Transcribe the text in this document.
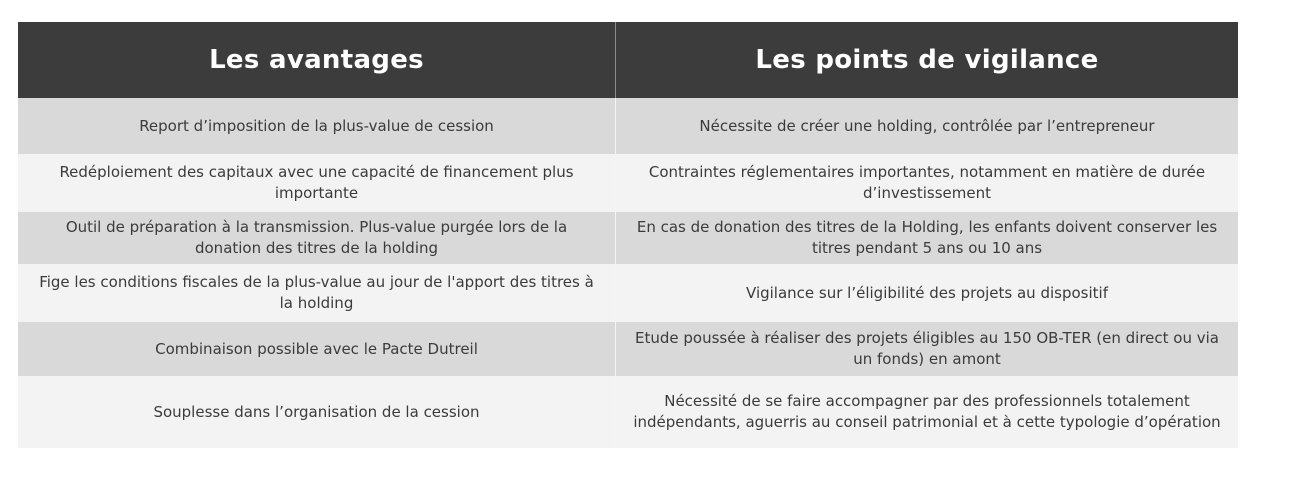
Les avantages	Les points de vigilance
Report d’imposition de la plus-value de cession	Nécessite de créer une holding, contrôlée par l’entrepreneur
Redéploiement des capitaux avec une capacité de financement plus importante
Contraintes réglementaires importantes, notamment en matière de durée d’investissement
Outil de préparation à la transmission. Plus-value purgée lors de la donation des titres de la holding
En cas de donation des titres de la Holding, les enfants doivent conserver les titres pendant 5 ans ou 10 ans
Fige les conditions fiscales de la plus-value au jour de l'apport des titres à la holding
Vigilance sur l’éligibilité des projets au dispositif
Combinaison possible avec le Pacte Dutreil
Etude poussée à réaliser des projets éligibles au 150 OB-TER (en direct ou via un fonds) en amont
Souplesse dans l’organisation de la cession
Nécessité de se faire accompagner par des professionnels totalement indépendants, aguerris au conseil patrimonial et à cette typologie d’opération
